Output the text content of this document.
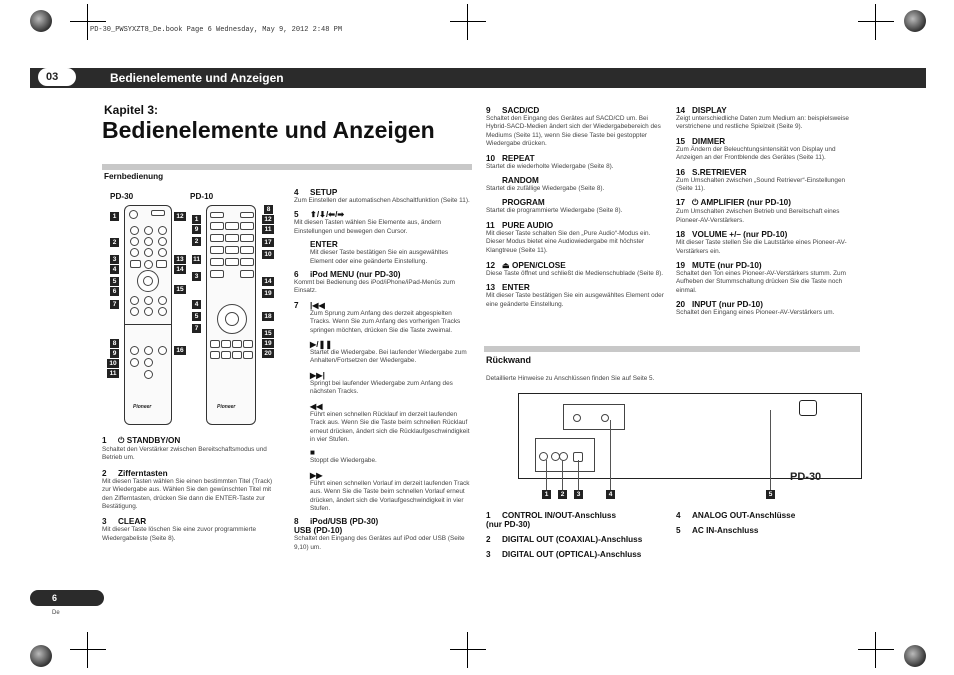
PD-30_PWSYXZT8_De.book Page 6 Wednesday, May 9, 2012 2:48 PM
03	Bedienelemente und Anzeigen
Kapitel 3:
Bedienelemente und Anzeigen
Fernbedienung
PD-30	PD-10
Pioneer	Pioneer
1
2
3
4
5
6
7
8
9
10
11
12
13
14
15
16
1
9
2
11
3
4
5
7
8
12
11
17
10
14
19
18
15
19
20
1 ⏻ STANDBY/ON
Schaltet den Verstärker zwischen Bereitschaftsmodus und Betrieb um.
2 Zifferntasten
Mit diesen Tasten wählen Sie einen bestimmten Titel (Track) zur Wiedergabe aus. Wählen Sie den gewünschten Titel mit den Zifferntasten, drücken Sie dann die ENTER-Taste zur Bestätigung.
3 CLEAR
Mit dieser Taste löschen Sie eine zuvor programmierte Wiedergabeliste (Seite 8).
4 SETUP
Zum Einstellen der automatischen Abschaltfunktion (Seite 11).
5 ⬆/⬇/⬅/➡
Mit diesen Tasten wählen Sie Elemente aus, ändern Einstellungen und bewegen den Cursor.
ENTER
Mit dieser Taste bestätigen Sie ein ausgewähltes Element oder eine geänderte Einstellung.
6 iPod MENU (nur PD-30)
Kommt bei Bedienung des iPod/iPhone/iPad-Menüs zum Einsatz.
7 |◀◀
Zum Sprung zum Anfang des derzeit abgespielten Tracks. Wenn Sie zum Anfang des vorherigen Tracks springen möchten, drücken Sie die Taste zweimal.
▶/❚❚
Startet die Wiedergabe. Bei laufender Wiedergabe zum Anhalten/Fortsetzen der Wiedergabe.
▶▶|
Springt bei laufender Wiedergabe zum Anfang des nächsten Tracks.
◀◀
Führt einen schnellen Rücklauf im derzeit laufenden Track aus. Wenn Sie die Taste beim schnellen Rücklauf erneut drücken, ändert sich die Rücklaufgeschwindigkeit in vier Stufen.
■
Stoppt die Wiedergabe.
▶▶
Führt einen schnellen Vorlauf im derzeit laufenden Track aus. Wenn Sie die Taste beim schnellen Vorlauf erneut drücken, ändert sich die Vorlaufgeschwindigkeit in vier Stufen.
8 iPod/USB (PD-30)
USB (PD-10)
Schaltet den Eingang des Gerätes auf iPod oder USB (Seite 9,10) um.
9 SACD/CD
Schaltet den Eingang des Gerätes auf SACD/CD um. Bei Hybrid-SACD-Medien ändert sich der Wiedergabebereich des Mediums (Seite 11), wenn Sie diese Taste bei gestoppter Wiedergabe drücken.
10 REPEAT
Startet die wiederholte Wiedergabe (Seite 8).
RANDOM
Startet die zufällige Wiedergabe (Seite 8).
PROGRAM
Startet die programmierte Wiedergabe (Seite 8).
11 PURE AUDIO
Mit dieser Taste schalten Sie den „Pure Audio“-Modus ein. Dieser Modus bietet eine Audiowiedergabe mit höchster Klangtreue (Seite 11).
12 ⏏ OPEN/CLOSE
Diese Taste öffnet und schließt die Medienschublade (Seite 8).
13 ENTER
Mit dieser Taste bestätigen Sie ein ausgewähltes Element oder eine geänderte Einstellung.
14 DISPLAY
Zeigt unterschiedliche Daten zum Medium an: beispielsweise verstrichene und restliche Spielzeit (Seite 9).
15 DIMMER
Zum Ändern der Beleuchtungsintensität von Display und Anzeigen an der Frontblende des Gerätes (Seite 11).
16 S.RETRIEVER
Zum Umschalten zwischen „Sound Retriever“-Einstellungen (Seite 11).
17 ⏻ AMPLIFIER (nur PD-10)
Zum Umschalten zwischen Betrieb und Bereitschaft eines Pioneer-AV-Verstärkers.
18 VOLUME +/– (nur PD-10)
Mit dieser Taste stellen Sie die Lautstärke eines Pioneer-AV-Verstärkers ein.
19 MUTE (nur PD-10)
Schaltet den Ton eines Pioneer-AV-Verstärkers stumm. Zum Aufheben der Stummschaltung drücken Sie die Taste noch einmal.
20 INPUT (nur PD-10)
Schaltet den Eingang eines Pioneer-AV-Verstärkers um.
Rückwand
Detaillierte Hinweise zu Anschlüssen finden Sie auf Seite 5.
1	2	3	4	5
PD-30
1 CONTROL IN/OUT-Anschluss
(nur PD-30)
2 DIGITAL OUT (COAXIAL)-Anschluss
3 DIGITAL OUT (OPTICAL)-Anschluss
4 ANALOG OUT-Anschlüsse
5 AC IN-Anschluss
6
De
